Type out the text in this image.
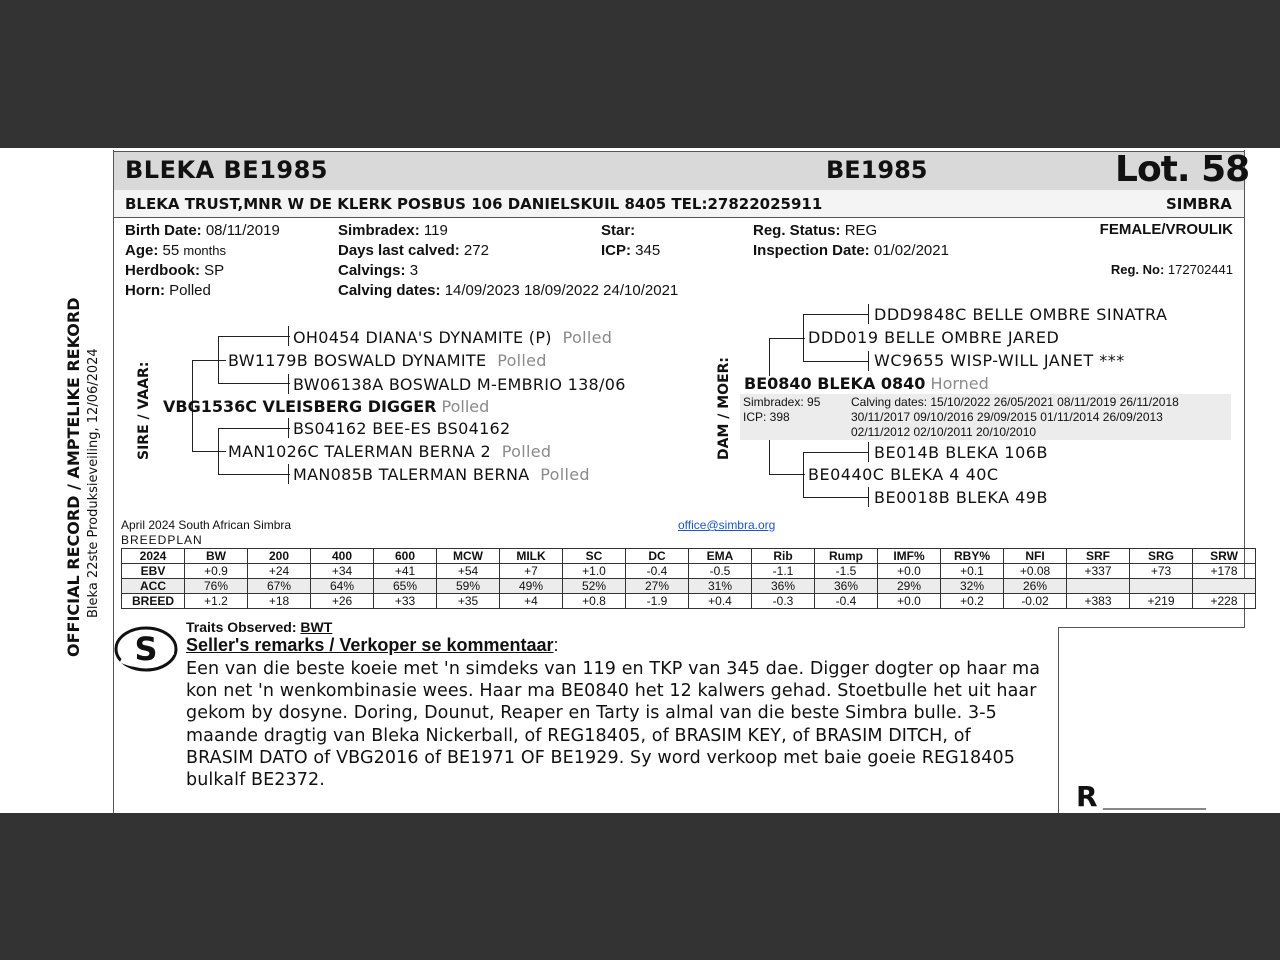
BLEKA BE1985	BE1985	Lot. 58
BLEKA TRUST,MNR W DE KLERK POSBUS 106 DANIELSKUIL 8405 TEL:27822025911	SIMBRA
Birth Date: 08/11/2019
Age: 55 months
Herdbook: SP
Horn: Polled
Simbradex: 119
Days last calved: 272
Calvings: 3
Calving dates: 14/09/2023 18/09/2022 24/10/2021
Star:
ICP: 345
Reg. Status: REG
Inspection Date: 01/02/2021
FEMALE/VROULIK
Reg. No: 172702441
OFFICIAL RECORD / AMPTELIKE REKORD Bleka 22ste Produksieveiling, 12/06/2024	SIRE / VAAR:	DAM / MOER:
OH0454 DIANA'S DYNAMITE (P) Polled
BW1179B BOSWALD DYNAMITE Polled
BW06138A BOSWALD M-EMBRIO 138/06
VBG1536C VLEISBERG DIGGER Polled
BS04162 BEE-ES BS04162
MAN1026C TALERMAN BERNA 2 Polled
MAN085B TALERMAN BERNA Polled
DDD9848C BELLE OMBRE SINATRA
DDD019 BELLE OMBRE JARED
WC9655 WISP-WILL JANET ***
BE0840 BLEKA 0840 Horned
Simbradex: 95
ICP: 398
Calving dates: 15/10/2022 26/05/2021 08/11/2019 26/11/2018
30/11/2017 09/10/2016 29/09/2015 01/11/2014 26/09/2013
02/11/2012 02/10/2011 20/10/2010
BE014B BLEKA 106B
BE0440C BLEKA 4 40C
BE0018B BLEKA 49B
April 2024 South African Simbra
BREEDPLAN
office@simbra.org
2024	BW	200	400	600	MCW	MILK	SC	DC	EMA	Rib	Rump	IMF%	RBY%	NFI	SRF	SRG	SRW
EBV	+0.9	+24	+34	+41	+54	+7	+1.0	-0.4	-0.5	-1.1	-1.5	+0.0	+0.1	+0.08	+337	+73	+178
ACC	76%	67%	64%	65%	59%	49%	52%	27%	31%	36%	36%	29%	32%	26%			
BREED	+1.2	+18	+26	+33	+35	+4	+0.8	-1.9	+0.4	-0.3	-0.4	+0.0	+0.2	-0.02	+383	+219	+228
Traits Observed: BWT
S Seller's remarks / Verkoper se kommentaar:
Een van die beste koeie met 'n simdeks van 119 en TKP van 345 dae. Digger dogter op haar ma
kon net 'n wenkombinasie wees. Haar ma BE0840 het 12 kalwers gehad. Stoetbulle het uit haar
gekom by dosyne. Doring, Dounut, Reaper en Tarty is almal van die beste Simbra bulle. 3-5
maande dragtig van Bleka Nickerball, of REG18405, of BRASIM KEY, of BRASIM DITCH, of
BRASIM DATO of VBG2016 of BE1971 OF BE1929. Sy word verkoop met baie goeie REG18405
bulkalf BE2372.	R _________________
